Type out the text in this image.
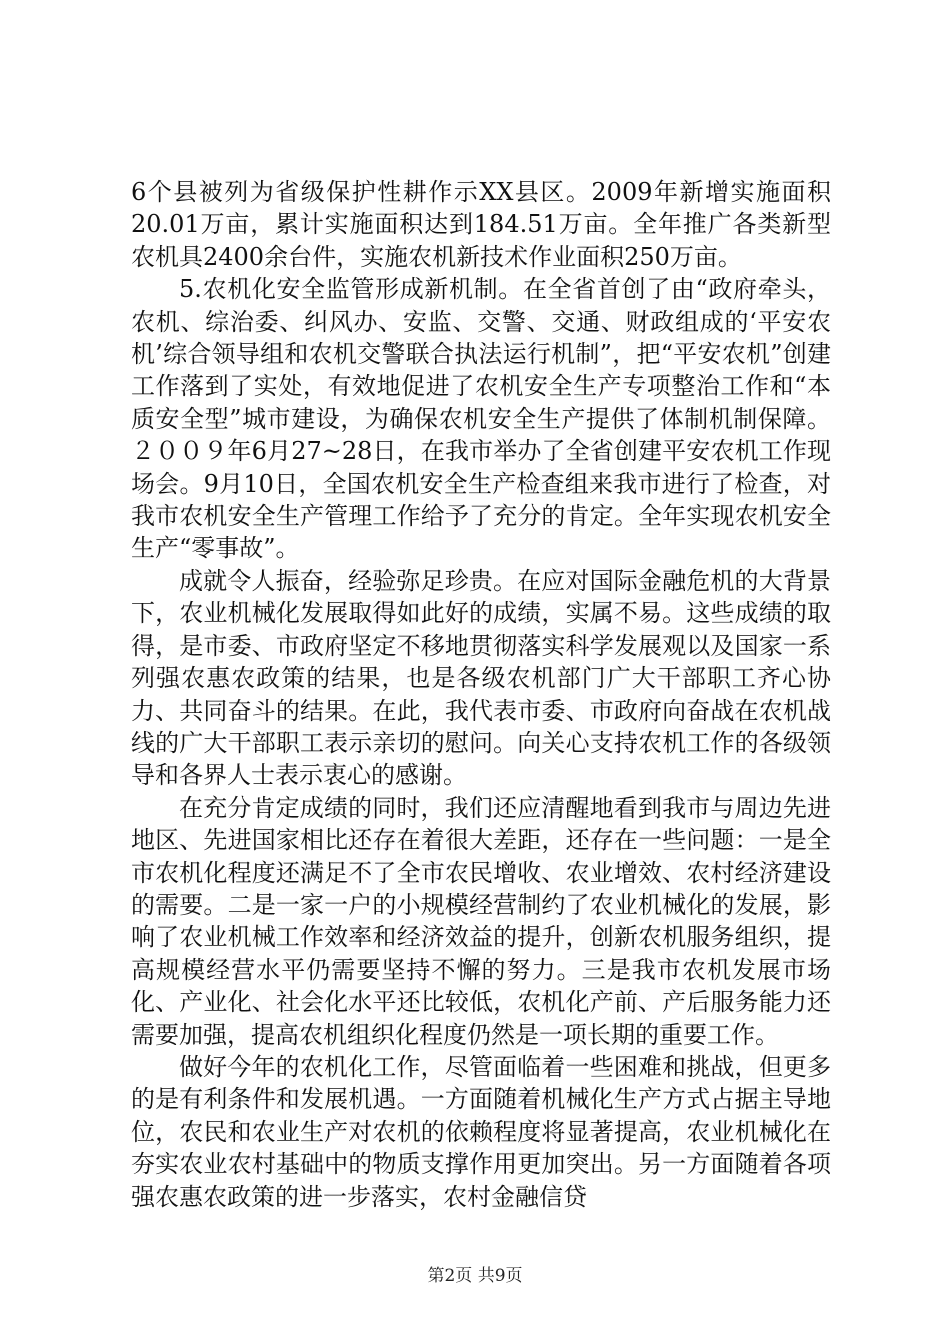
6个县被列为省级保护性耕作示XX县区。2009年新增实施面积20.01万亩，累计实施面积达到184.51万亩。全年推广各类新型农机具2400余台件，实施农机新技术作业面积250万亩。

5.农机化安全监管形成新机制。在全省首创了由“政府牵头，农机、综治委、纠风办、安监、交警、交通、财政组成的‘平安农机’综合领导组和农机交警联合执法运行机制”，把“平安农机”创建工作落到了实处，有效地促进了农机安全生产专项整治工作和“本质安全型”城市建设，为确保农机安全生产提供了体制机制保障。２００９年6月27~28日，在我市举办了全省创建平安农机工作现场会。9月10日，全国农机安全生产检查组来我市进行了检查，对我市农机安全生产管理工作给予了充分的肯定。全年实现农机安全生产“零事故”。

成就令人振奋，经验弥足珍贵。在应对国际金融危机的大背景下，农业机械化发展取得如此好的成绩，实属不易。这些成绩的取得，是市委、市政府坚定不移地贯彻落实科学发展观以及国家一系列强农惠农政策的结果，也是各级农机部门广大干部职工齐心协力、共同奋斗的结果。在此，我代表市委、市政府向奋战在农机战线的广大干部职工表示亲切的慰问。向关心支持农机工作的各级领导和各界人士表示衷心的感谢。

在充分肯定成绩的同时，我们还应清醒地看到我市与周边先进地区、先进国家相比还存在着很大差距，还存在一些问题：一是全市农机化程度还满足不了全市农民增收、农业增效、农村经济建设的需要。二是一家一户的小规模经营制约了农业机械化的发展，影响了农业机械工作效率和经济效益的提升，创新农机服务组织，提高规模经营水平仍需要坚持不懈的努力。三是我市农机发展市场化、产业化、社会化水平还比较低，农机化产前、产后服务能力还需要加强，提高农机组织化程度仍然是一项长期的重要工作。

做好今年的农机化工作，尽管面临着一些困难和挑战，但更多的是有利条件和发展机遇。一方面随着机械化生产方式占据主导地位，农民和农业生产对农机的依赖程度将显著提高，农业机械化在夯实农业农村基础中的物质支撑作用更加突出。另一方面随着各项强农惠农政策的进一步落实，农村金融信贷

第2页 共9页
